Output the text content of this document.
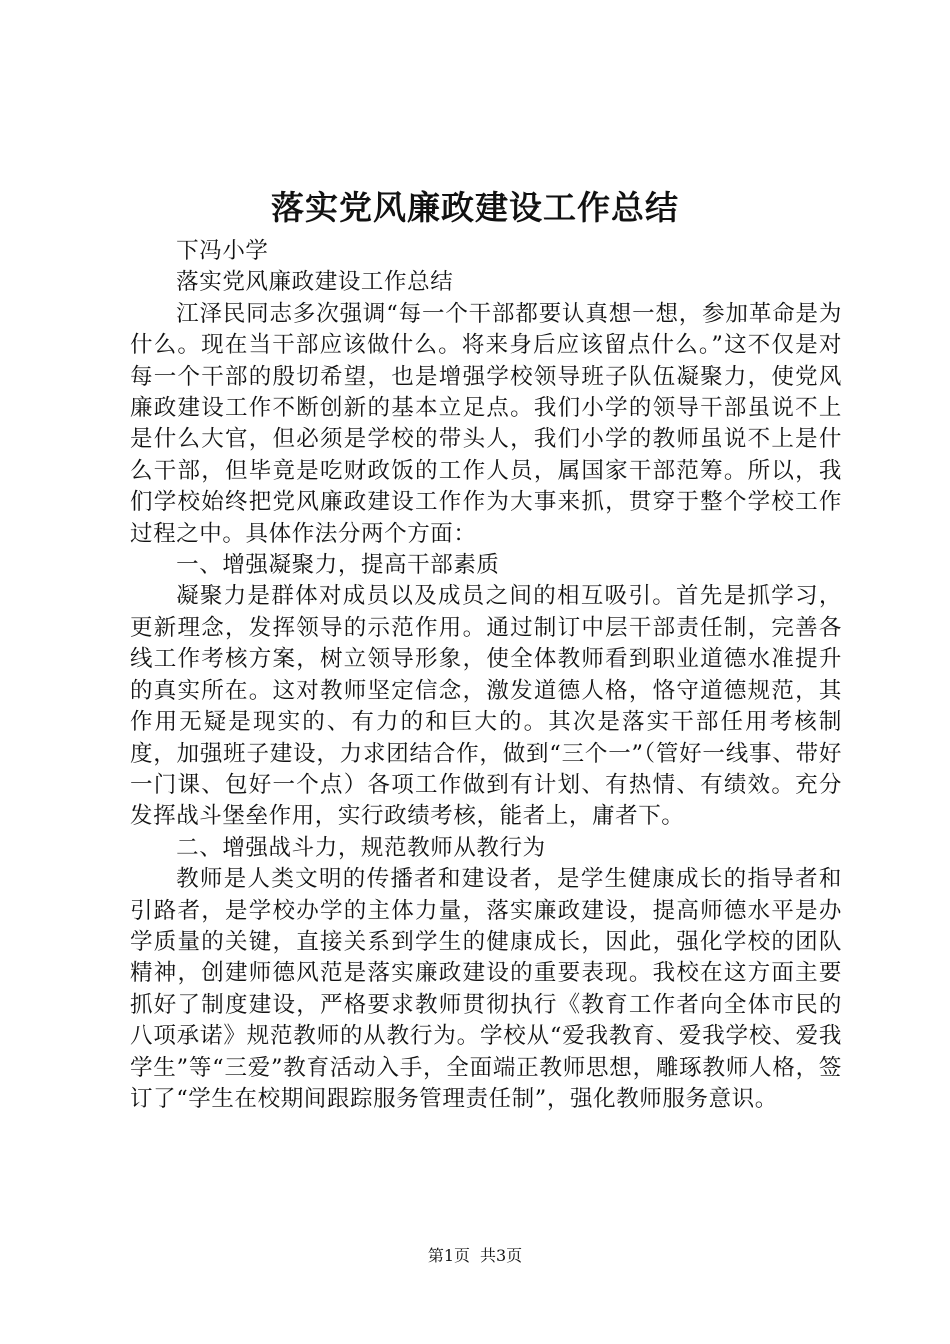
落实党风廉政建设工作总结

下冯小学

落实党风廉政建设工作总结

江泽民同志多次强调“每一个干部都要认真想一想，参加革命是为什么。现在当干部应该做什么。将来身后应该留点什么。”这不仅是对每一个干部的殷切希望，也是增强学校领导班子队伍凝聚力，使党风廉政建设工作不断创新的基本立足点。我们小学的领导干部虽说不上是什么大官，但必须是学校的带头人，我们小学的教师虽说不上是什么干部，但毕竟是吃财政饭的工作人员，属国家干部范筹。所以，我们学校始终把党风廉政建设工作作为大事来抓，贯穿于整个学校工作过程之中。具体作法分两个方面：

一、增强凝聚力，提高干部素质

凝聚力是群体对成员以及成员之间的相互吸引。首先是抓学习，更新理念，发挥领导的示范作用。通过制订中层干部责任制，完善各线工作考核方案，树立领导形象，使全体教师看到职业道德水准提升的真实所在。这对教师坚定信念，激发道德人格，恪守道德规范，其作用无疑是现实的、有力的和巨大的。其次是落实干部任用考核制度，加强班子建设，力求团结合作，做到“三个一”（管好一线事、带好一门课、包好一个点）各项工作做到有计划、有热情、有绩效。充分发挥战斗堡垒作用，实行政绩考核，能者上，庸者下。

二、增强战斗力，规范教师从教行为

教师是人类文明的传播者和建设者，是学生健康成长的指导者和引路者，是学校办学的主体力量，落实廉政建设，提高师德水平是办学质量的关键，直接关系到学生的健康成长，因此，强化学校的团队精神，创建师德风范是落实廉政建设的重要表现。我校在这方面主要抓好了制度建设，严格要求教师贯彻执行《教育工作者向全体市民的八项承诺》规范教师的从教行为。学校从“爱我教育、爱我学校、爱我学生”等“三爱”教育活动入手，全面端正教师思想，雕琢教师人格，签订了“学生在校期间跟踪服务管理责任制”，强化教师服务意识。

第1页 共3页
